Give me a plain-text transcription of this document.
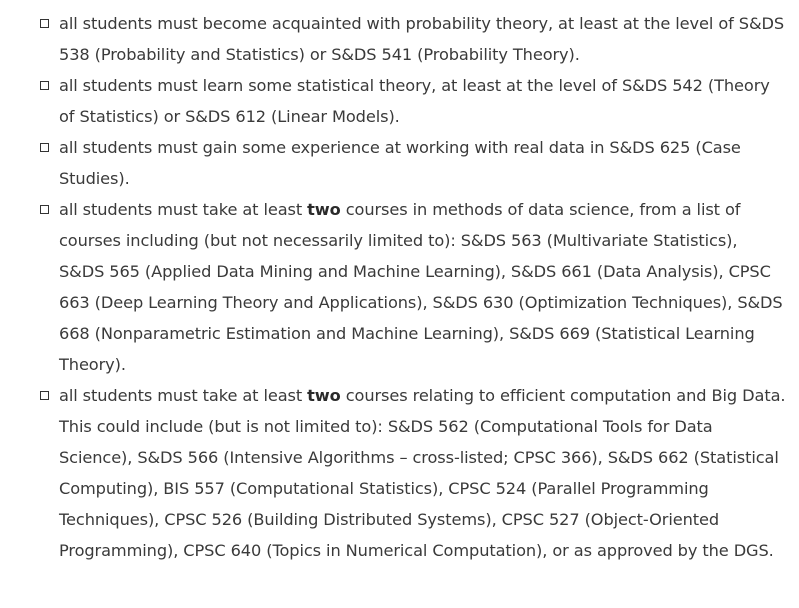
all students must become acquainted with probability theory, at least at the level of S&DS 538 (Probability and Statistics) or S&DS 541 (Probability Theory).
all students must learn some statistical theory, at least at the level of S&DS 542 (Theory of Statistics) or S&DS 612 (Linear Models).
all students must gain some experience at working with real data in S&DS 625 (Case Studies).
all students must take at least two courses in methods of data science, from a list of courses including (but not necessarily limited to): S&DS 563 (Multivariate Statistics), S&DS 565 (Applied Data Mining and Machine Learning), S&DS 661 (Data Analysis), CPSC 663 (Deep Learning Theory and Applications), S&DS 630 (Optimization Techniques), S&DS 668 (Nonparametric Estimation and Machine Learning), S&DS 669 (Statistical Learning Theory).
all students must take at least two courses relating to efficient computation and Big Data. This could include (but is not limited to): S&DS 562 (Computational Tools for Data Science), S&DS 566 (Intensive Algorithms – cross-listed; CPSC 366), S&DS 662 (Statistical Computing), BIS 557 (Computational Statistics), CPSC 524 (Parallel Programming Techniques), CPSC 526 (Building Distributed Systems), CPSC 527 (Object-Oriented Programming), CPSC 640 (Topics in Numerical Computation), or as approved by the DGS.
